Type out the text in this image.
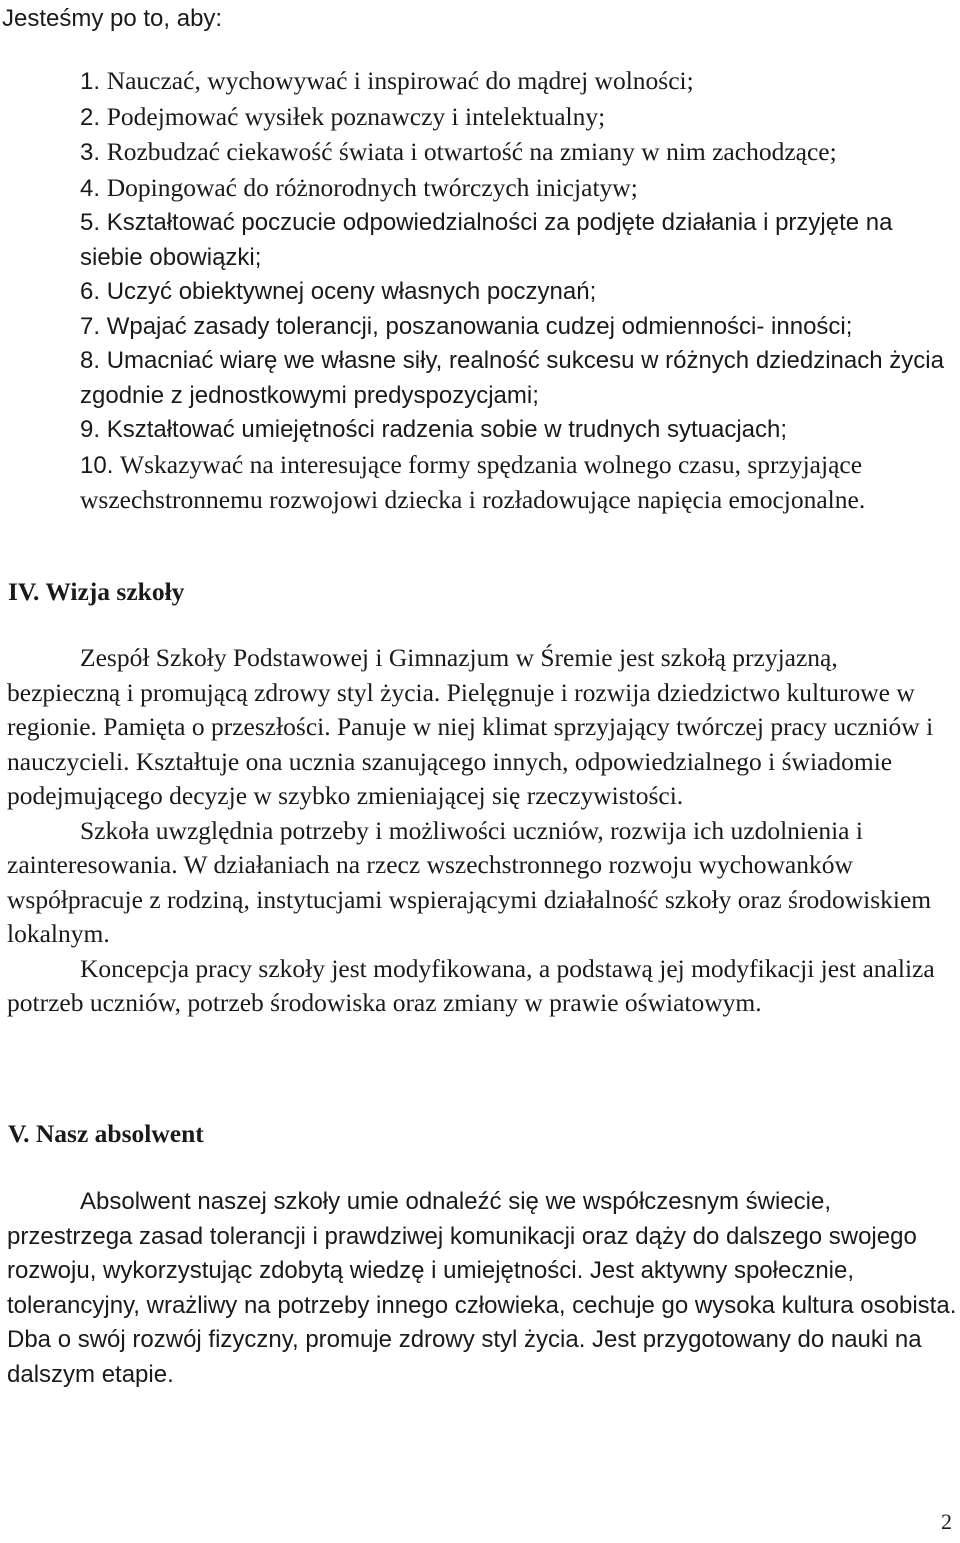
Jesteśmy po to, aby:

1. Nauczać, wychowywać i inspirować do mądrej wolności;
2. Podejmować wysiłek poznawczy i intelektualny;
3. Rozbudzać ciekawość świata i otwartość na zmiany w nim zachodzące;
4. Dopingować do różnorodnych twórczych inicjatyw;
5. Kształtować poczucie odpowiedzialności za podjęte działania i przyjęte na siebie obowiązki;
6. Uczyć obiektywnej oceny własnych poczynań;
7. Wpajać zasady tolerancji, poszanowania cudzej odmienności- inności;
8. Umacniać wiarę we własne siły, realność sukcesu w różnych dziedzinach życia zgodnie z jednostkowymi predyspozycjami;
9. Kształtować umiejętności radzenia sobie w trudnych sytuacjach;
10. Wskazywać na interesujące formy spędzania wolnego czasu, sprzyjające wszechstronnemu rozwojowi dziecka i rozładowujące napięcia emocjonalne.
IV. Wizja szkoły

Zespół Szkoły Podstawowej i Gimnazjum w Śremie jest szkołą przyjazną, bezpieczną i promującą zdrowy styl życia. Pielęgnuje i rozwija dziedzictwo kulturowe w regionie. Pamięta o przeszłości. Panuje w niej klimat sprzyjający twórczej pracy uczniów i nauczycieli. Kształtuje ona ucznia szanującego innych, odpowiedzialnego i świadomie podejmującego decyzje w szybko zmieniającej się rzeczywistości.

Szkoła uwzględnia potrzeby i możliwości uczniów, rozwija ich uzdolnienia i zainteresowania. W działaniach na rzecz wszechstronnego rozwoju wychowanków współpracuje z rodziną, instytucjami wspierającymi działalność szkoły oraz środowiskiem lokalnym.

Koncepcja pracy szkoły jest modyfikowana, a podstawą jej modyfikacji jest analiza potrzeb uczniów, potrzeb środowiska oraz zmiany w prawie oświatowym.

V. Nasz absolwent

Absolwent naszej szkoły umie odnaleźć się we współczesnym świecie, przestrzega zasad tolerancji i prawdziwej komunikacji oraz dąży do dalszego swojego rozwoju, wykorzystując zdobytą wiedzę i umiejętności. Jest aktywny społecznie, tolerancyjny, wrażliwy na potrzeby innego człowieka, cechuje go wysoka kultura osobista. Dba o swój rozwój fizyczny, promuje zdrowy styl życia. Jest przygotowany do nauki na dalszym etapie.

2
